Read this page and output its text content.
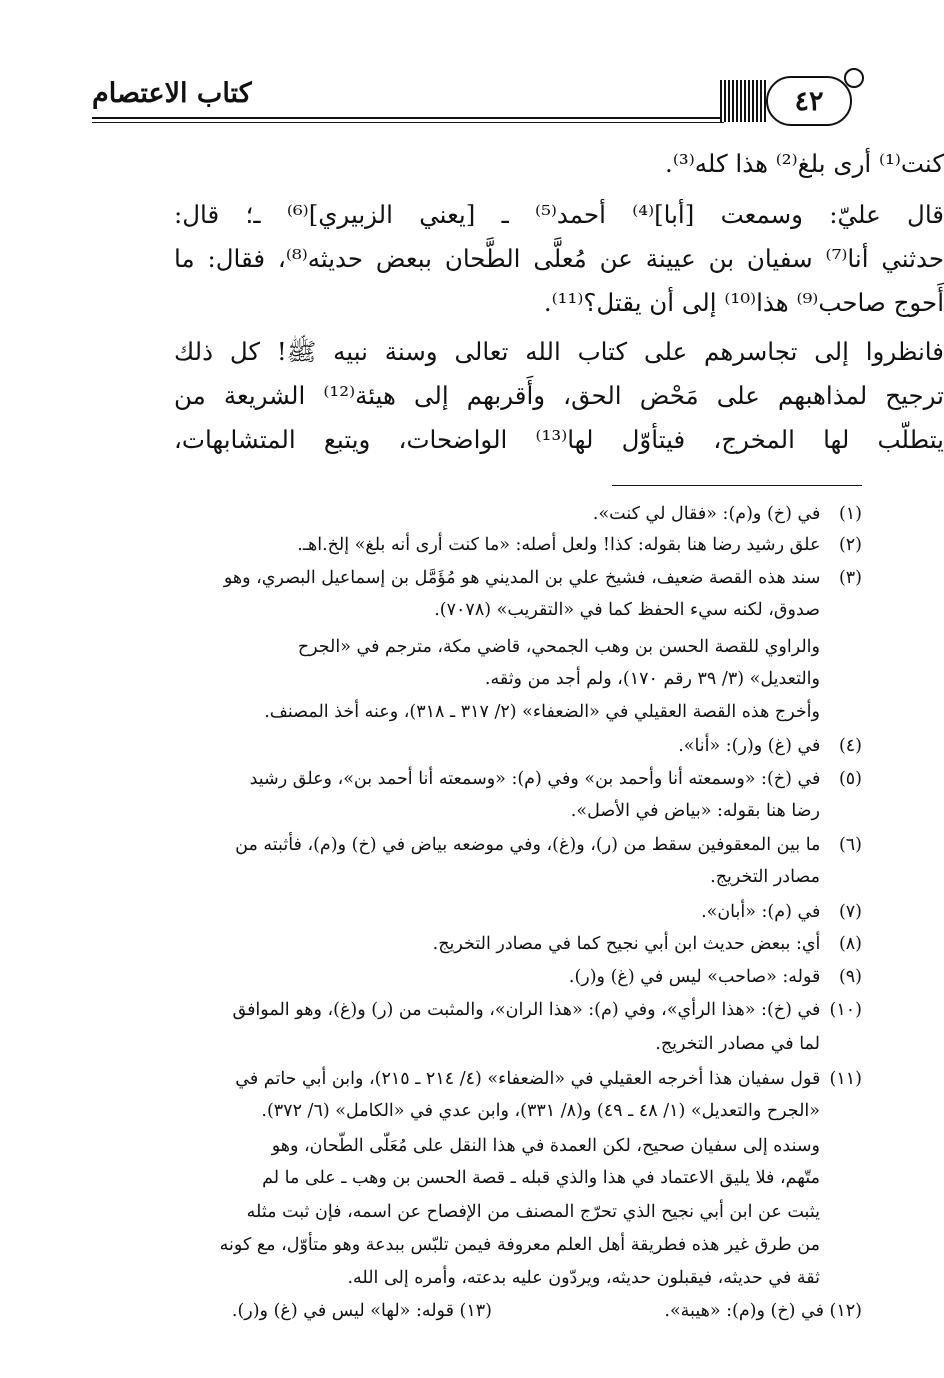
كتاب الاعتصام	٤٢
كنت⁽¹⁾ أرى بلغ⁽²⁾ هذا كله⁽³⁾.
قال عليّ: وسمعت [أبا]⁽⁴⁾ أحمد⁽⁵⁾ ـ [يعني الزبيري]⁽⁶⁾ ـ؛ قال:
حدثني أنا⁽⁷⁾ سفيان بن عيينة عن مُعلَّى الطَّحان ببعض حديثه⁽⁸⁾، فقال: ما
أَحوج صاحب⁽⁹⁾ هذا⁽¹⁰⁾ إلى أن يقتل؟⁽¹¹⁾.
فانظروا إلى تجاسرهم على كتاب الله تعالى وسنة نبيه ﷺ! كل ذلك
ترجيح لمذاهبهم على مَحْض الحق، وأَقربهم إلى هيئة⁽¹²⁾ الشريعة من
يتطلّب لها المخرج، فيتأوّل لها⁽¹³⁾ الواضحات، ويتبع المتشابهات،
(١) في (خ) و(م): «فقال لي كنت».
(٢) علق رشيد رضا هنا بقوله: كذا! ولعل أصله: «ما كنت أرى أنه بلغ» إلخ.اهـ.
(٣) سند هذه القصة ضعيف، فشيخ علي بن المديني هو مُؤَمَّل بن إسماعيل البصري، وهو
صدوق، لكنه سيء الحفظ كما في «التقريب» (٧٠٧٨).
والراوي للقصة الحسن بن وهب الجمحي، قاضي مكة، مترجم في «الجرح
والتعديل» (٣/ ٣٩ رقم ١٧٠)، ولم أجد من وثقه.
وأخرج هذه القصة العقيلي في «الضعفاء» (٢/ ٣١٧ ـ ٣١٨)، وعنه أخذ المصنف.
(٤) في (غ) و(ر): «أنا».
(٥) في (خ): «وسمعته أنا وأحمد بن» وفي (م): «وسمعته أنا أحمد بن»، وعلق رشيد
رضا هنا بقوله: «بياض في الأصل».
(٦) ما بين المعقوفين سقط من (ر)، و(غ)، وفي موضعه بياض في (خ) و(م)، فأثبته من
مصادر التخريج.
(٧) في (م): «أبان».
(٨) أي: ببعض حديث ابن أبي نجيح كما في مصادر التخريج.
(٩) قوله: «صاحب» ليس في (غ) و(ر).
(١٠) في (خ): «هذا الرأي»، وفي (م): «هذا الران»، والمثبت من (ر) و(غ)، وهو الموافق
لما في مصادر التخريج.
(١١) قول سفيان هذا أخرجه العقيلي في «الضعفاء» (٤/ ٢١٤ ـ ٢١٥)، وابن أبي حاتم في
«الجرح والتعديل» (١/ ٤٨ ـ ٤٩) و(٨/ ٣٣١)، وابن عدي في «الكامل» (٦/ ٣٧٢).
وسنده إلى سفيان صحيح، لكن العمدة في هذا النقل على مُعَلّى الطّحان، وهو
متّهم، فلا يليق الاعتماد في هذا والذي قبله ـ قصة الحسن بن وهب ـ على ما لم
يثبت عن ابن أبي نجيح الذي تحرّج المصنف من الإفصاح عن اسمه، فإن ثبت مثله
من طرق غير هذه فطريقة أهل العلم معروفة فيمن تلبّس ببدعة وهو متأوّل، مع كونه
ثقة في حديثه، فيقبلون حديثه، ويردّون عليه بدعته، وأمره إلى الله.
(١٢) في (خ) و(م): «هيبة».
(١٣) قوله: «لها» ليس في (غ) و(ر).
